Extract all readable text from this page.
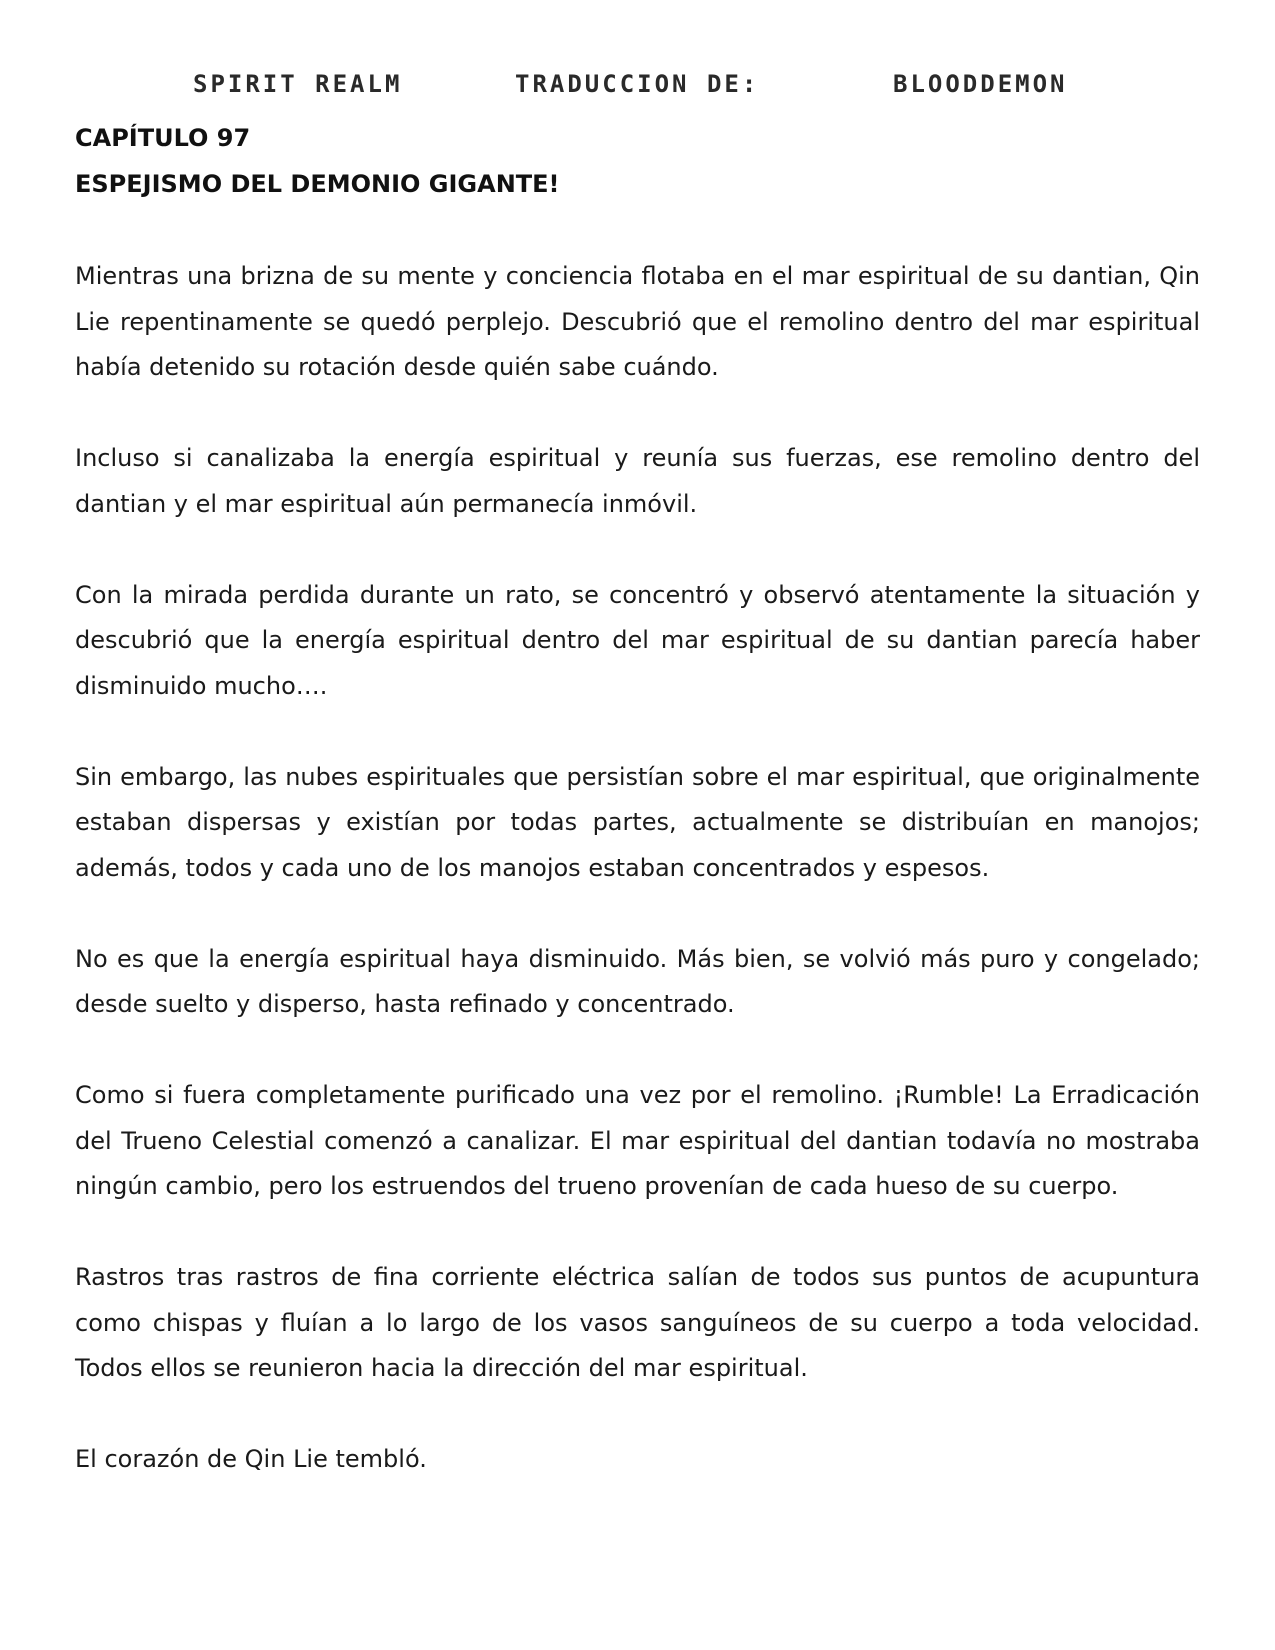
SPIRIT REALM	TRADUCCION DE:	BLOODDEMON
CAPÍTULO 97
ESPEJISMO DEL DEMONIO GIGANTE!

Mientras una brizna de su mente y conciencia flotaba en el mar espiritual de su dantian, Qin Lie repentinamente se quedó perplejo. Descubrió que el remolino dentro del mar espiritual había detenido su rotación desde quién sabe cuándo.

Incluso si canalizaba la energía espiritual y reunía sus fuerzas, ese remolino dentro del dantian y el mar espiritual aún permanecía inmóvil.

Con la mirada perdida durante un rato, se concentró y observó atentamente la situación y descubrió que la energía espiritual dentro del mar espiritual de su dantian parecía haber disminuido mucho….

Sin embargo, las nubes espirituales que persistían sobre el mar espiritual, que originalmente estaban dispersas y existían por todas partes, actualmente se distribuían en manojos; además, todos y cada uno de los manojos estaban concentrados y espesos.

No es que la energía espiritual haya disminuido. Más bien, se volvió más puro y congelado; desde suelto y disperso, hasta refinado y concentrado.

Como si fuera completamente purificado una vez por el remolino. ¡Rumble! La Erradicación del Trueno Celestial comenzó a canalizar. El mar espiritual del dantian todavía no mostraba ningún cambio, pero los estruendos del trueno provenían de cada hueso de su cuerpo.

Rastros tras rastros de fina corriente eléctrica salían de todos sus puntos de acupuntura como chispas y fluían a lo largo de los vasos sanguíneos de su cuerpo a toda velocidad. Todos ellos se reunieron hacia la dirección del mar espiritual.

El corazón de Qin Lie tembló.
